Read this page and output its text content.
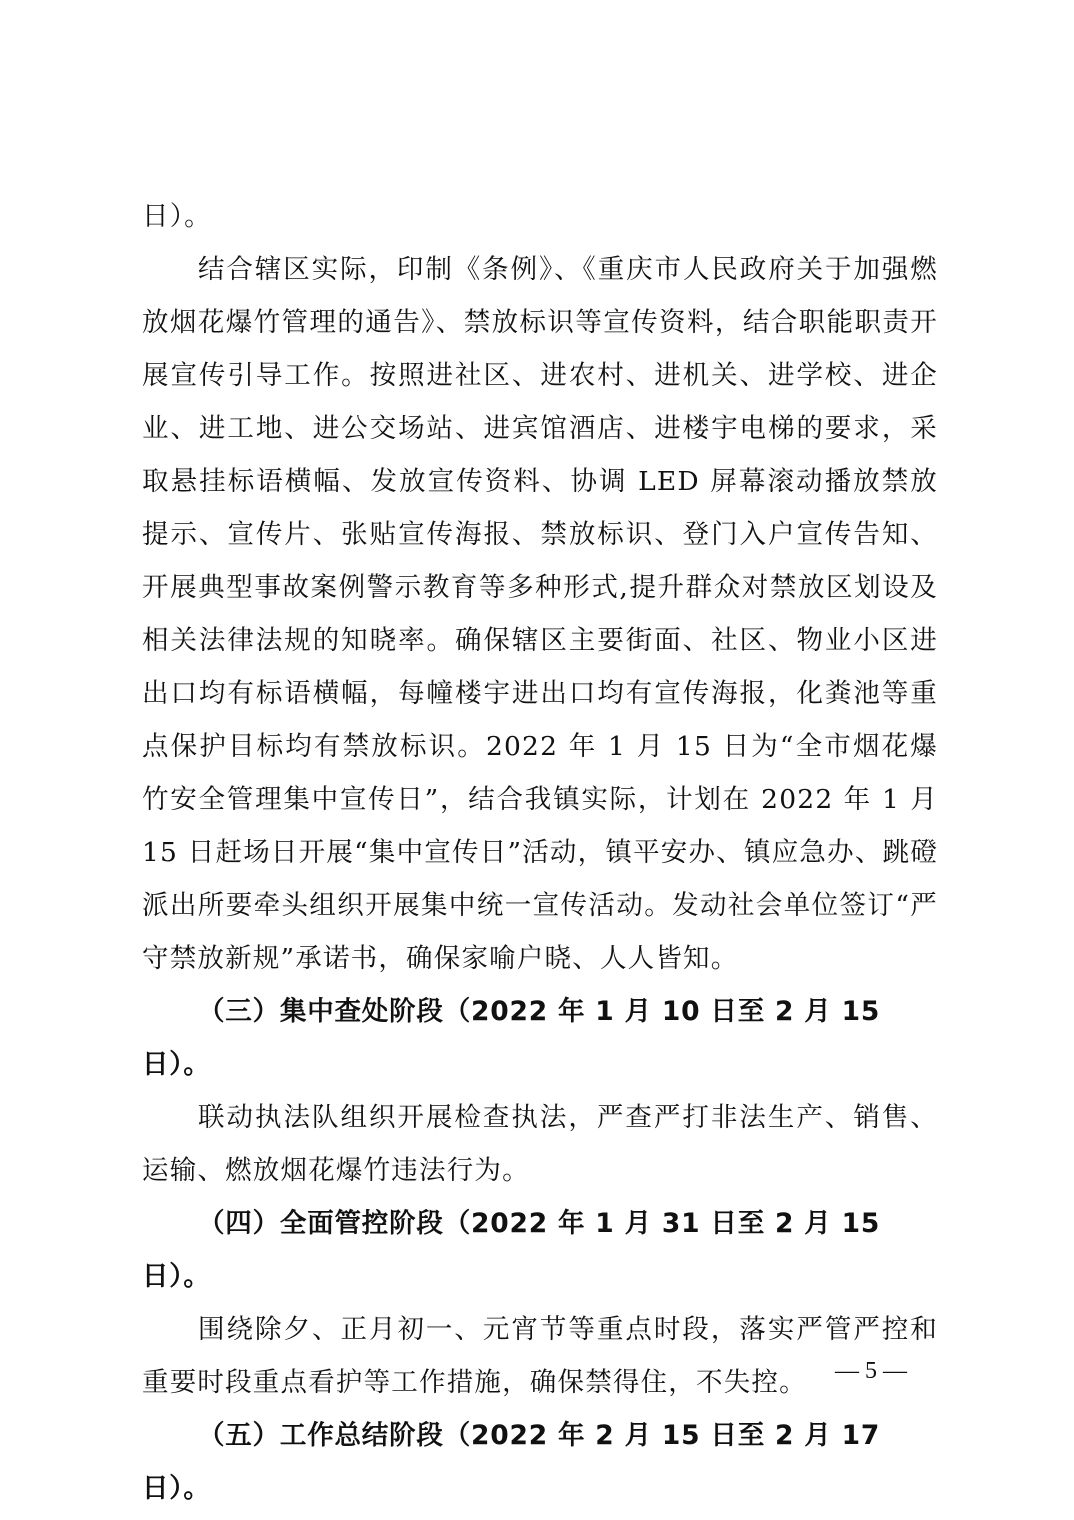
日）。

结合辖区实际，印制《条例》、《重庆市人民政府关于加强燃放烟花爆竹管理的通告》、禁放标识等宣传资料，结合职能职责开展宣传引导工作。按照进社区、进农村、进机关、进学校、进企业、进工地、进公交场站、进宾馆酒店、进楼宇电梯的要求，采取悬挂标语横幅、发放宣传资料、协调 LED 屏幕滚动播放禁放提示、宣传片、张贴宣传海报、禁放标识、登门入户宣传告知、开展典型事故案例警示教育等多种形式,提升群众对禁放区划设及相关法律法规的知晓率。确保辖区主要街面、社区、物业小区进出口均有标语横幅，每幢楼宇进出口均有宣传海报，化粪池等重点保护目标均有禁放标识。2022 年 1 月 15 日为“全市烟花爆竹安全管理集中宣传日”，结合我镇实际，计划在 2022 年 1 月 15 日赶场日开展“集中宣传日”活动，镇平安办、镇应急办、跳磴派出所要牵头组织开展集中统一宣传活动。发动社会单位签订“严守禁放新规”承诺书，确保家喻户晓、人人皆知。

（三）集中查处阶段（2022 年 1 月 10 日至 2 月 15 日）。

联动执法队组织开展检查执法，严查严打非法生产、销售、运输、燃放烟花爆竹违法行为。

（四）全面管控阶段（2022 年 1 月 31 日至 2 月 15 日）。

围绕除夕、正月初一、元宵节等重点时段，落实严管严控和重要时段重点看护等工作措施，确保禁得住，不失控。

（五）工作总结阶段（2022 年 2 月 15 日至 2 月 17 日）。

— 5 —
